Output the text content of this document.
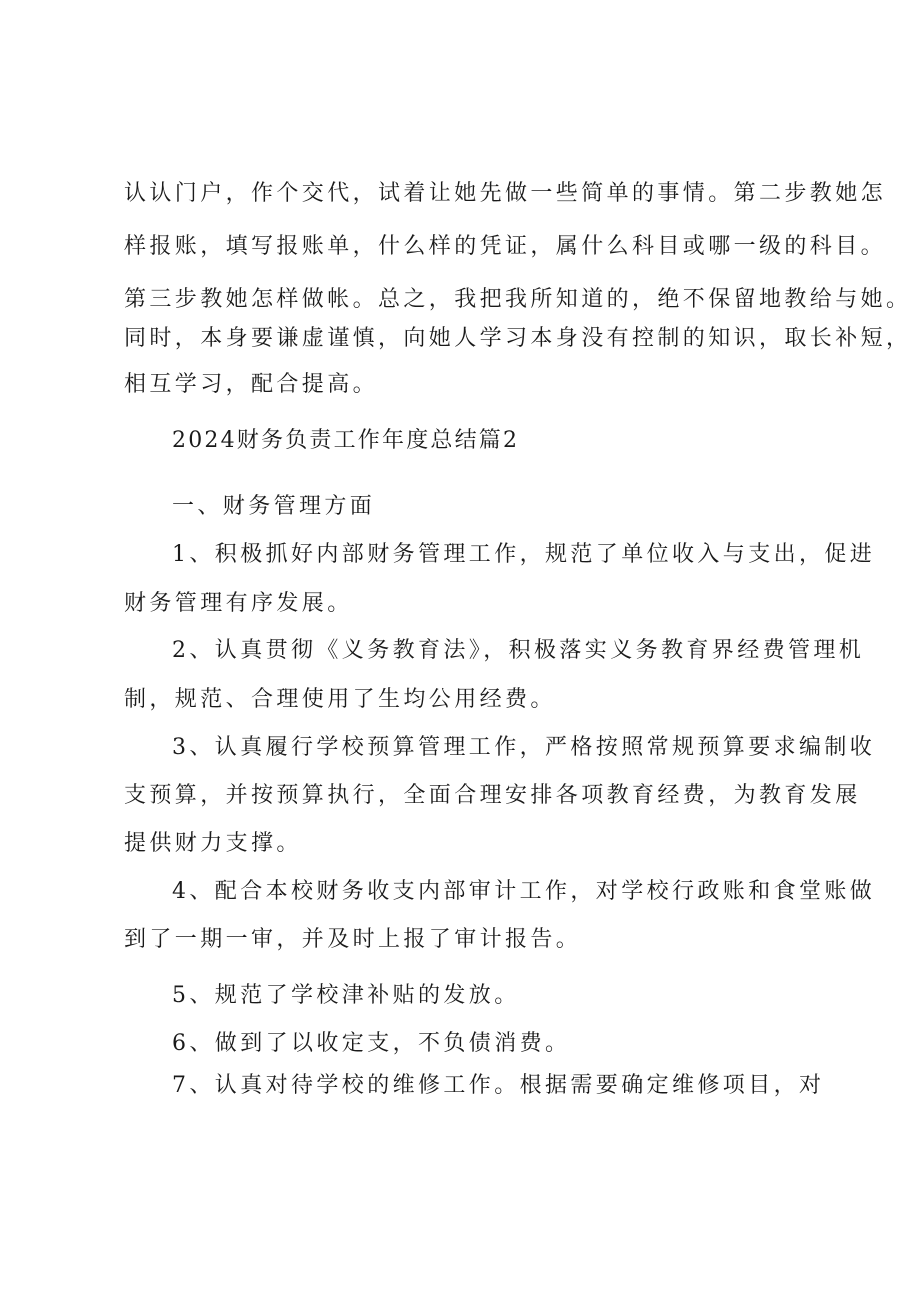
认认门户，作个交代，试着让她先做一些简单的事情。第二步教她怎
样报账，填写报账单，什么样的凭证，属什么科目或哪一级的科目。
第三步教她怎样做帐。总之，我把我所知道的，绝不保留地教给与她。
同时，本身要谦虚谨慎，向她人学习本身没有控制的知识，取长补短，
相互学习，配合提高。
2024财务负责工作年度总结篇2
一、财务管理方面
1、积极抓好内部财务管理工作，规范了单位收入与支出，促进
财务管理有序发展。
2、认真贯彻《义务教育法》，积极落实义务教育界经费管理机
制，规范、合理使用了生均公用经费。
3、认真履行学校预算管理工作，严格按照常规预算要求编制收
支预算，并按预算执行，全面合理安排各项教育经费，为教育发展
提供财力支撑。
4、配合本校财务收支内部审计工作，对学校行政账和食堂账做
到了一期一审，并及时上报了审计报告。
5、规范了学校津补贴的发放。
6、做到了以收定支，不负债消费。
7、认真对待学校的维修工作。根据需要确定维修项目，对
